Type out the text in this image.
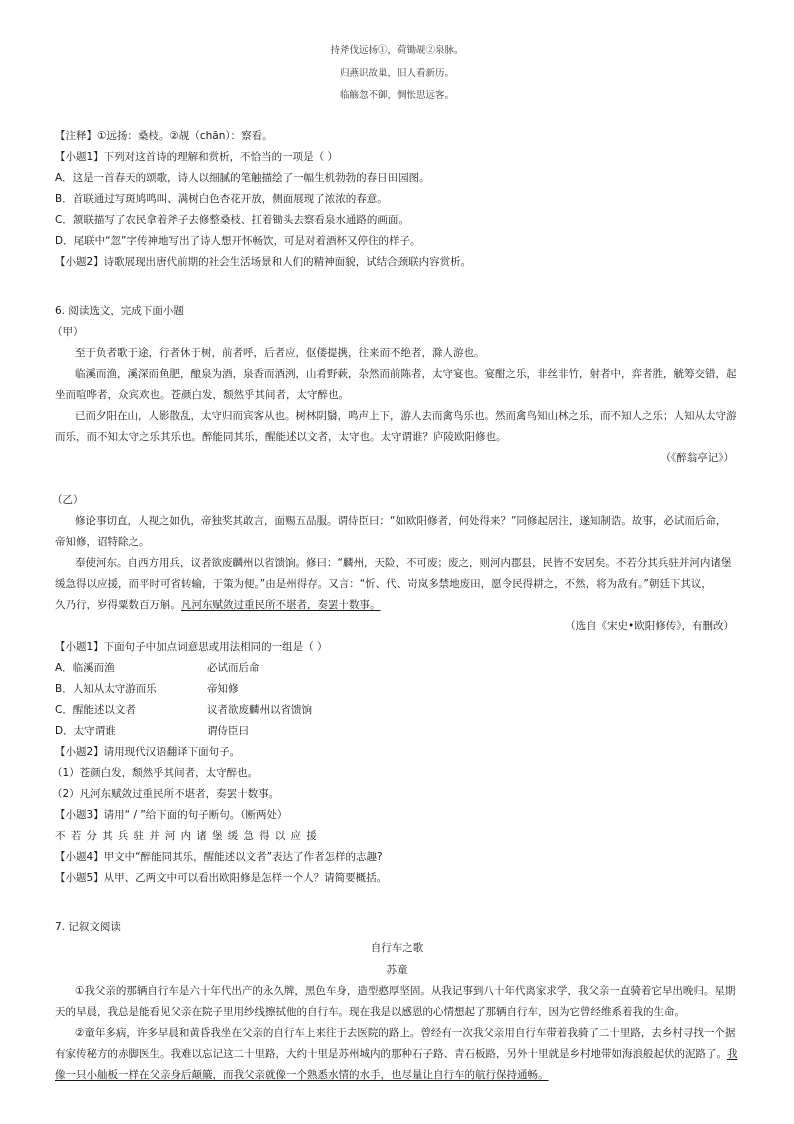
持斧伐远扬①，荷锄觇②泉脉。
归燕识故巢，旧人看新历。
临觞忽不御，惆怅思远客。
【注释】①远扬：桑枝。②觇（chān）：察看。
【小题1】下列对这首诗的理解和赏析，不恰当的一项是（ ）
A．这是一首春天的颂歌，诗人以细腻的笔触描绘了一幅生机勃勃的春日田园图。
B．首联通过写斑鸠鸣叫、满树白色杏花开放，侧面展现了浓浓的春意。
C．颔联描写了农民拿着斧子去修整桑枝、扛着锄头去察看泉水通路的画面。
D．尾联中“忽”字传神地写出了诗人想开怀畅饮，可是对着酒杯又停住的样子。
【小题2】诗歌展现出唐代前期的社会生活场景和人们的精神面貌，试结合颈联内容赏析。
6. 阅读选文，完成下面小题
（甲）
至于负者歌于途，行者休于树，前者呼，后者应，伛偻提携，往来而不绝者，滁人游也。
临溪而渔，溪深而鱼肥，酿泉为酒，泉香而酒洌，山肴野蔌，杂然而前陈者，太守宴也。宴酣之乐，非丝非竹，射者中，弈者胜，觥筹交错，起
坐而喧哗者，众宾欢也。苍颜白发，颓然乎其间者，太守醉也。
已而夕阳在山，人影散乱，太守归而宾客从也。树林阴翳，鸣声上下，游人去而禽鸟乐也。然而禽鸟知山林之乐，而不知人之乐；人知从太守游
而乐，而不知太守之乐其乐也。醉能同其乐，醒能述以文者，太守也。太守谓谁？庐陵欧阳修也。
（《醉翁亭记》）
（乙）
修论事切直，人视之如仇，帝独奖其敢言，面赐五品服。谓侍臣曰：“如欧阳修者，何处得来？”同修起居注，遂知制诰。故事，必试而后命，
帝知修，诏特除之。
奉使河东。自西方用兵，议者欲废麟州以省馈饷。修曰：“麟州，天险，不可废；废之，则河内郡县，民皆不安居矣。不若分其兵驻并河内诸堡
缓急得以应援，而平时可省转输，于策为便。”由是州得存。又言：“忻、代、岢岚多禁地废田，愿令民得耕之，不然，将为敌有。”朝廷下其议，
久乃行，岁得粟数百万斛。凡河东赋敛过重民所不堪者，奏罢十数事。
（选自《宋史•欧阳修传》，有删改）
【小题1】下面句子中加点词意思或用法相同的一组是（ ）
A．临溪而渔	必试而后命
B．人知从太守游而乐	帝知修
C．醒能述以文者	议者欲废麟州以省馈饷
D．太守谓谁	谓侍臣曰
【小题2】请用现代汉语翻译下面句子。
（1）苍颜白发，颓然乎其间者，太守醉也。
（2）凡河东赋敛过重民所不堪者，奏罢十数事。
【小题3】请用“ / ”给下面的句子断句。（断两处）
不若分其兵驻并河内诸堡缓急得以应援
【小题4】甲文中“醉能同其乐，醒能述以文者”表达了作者怎样的志趣?
【小题5】从甲、乙两文中可以看出欧阳修是怎样一个人？请简要概括。
7. 记叙文阅读
自行车之歌
苏童
①我父亲的那辆自行车是六十年代出产的永久牌，黑色车身，造型憨厚坚固。从我记事到八十年代离家求学，我父亲一直骑着它早出晚归。星期
天的早晨，我总是能看见父亲在院子里用纱线擦拭他的自行车。现在我是以感恩的心情想起了那辆自行车，因为它曾经维系着我的生命。
②童年多病，许多早晨和黄昏我坐在父亲的自行车上来往于去医院的路上。曾经有一次我父亲用自行车带着我骑了二十里路，去乡村寻找一个据
有家传秘方的赤脚医生。我难以忘记这二十里路，大约十里是苏州城内的那种石子路、青石板路，另外十里就是乡村地带如海浪般起伏的泥路了。我
像一只小舢板一样在父亲身后颠簸，而我父亲就像一个熟悉水情的水手，也尽量让自行车的航行保持通畅。
